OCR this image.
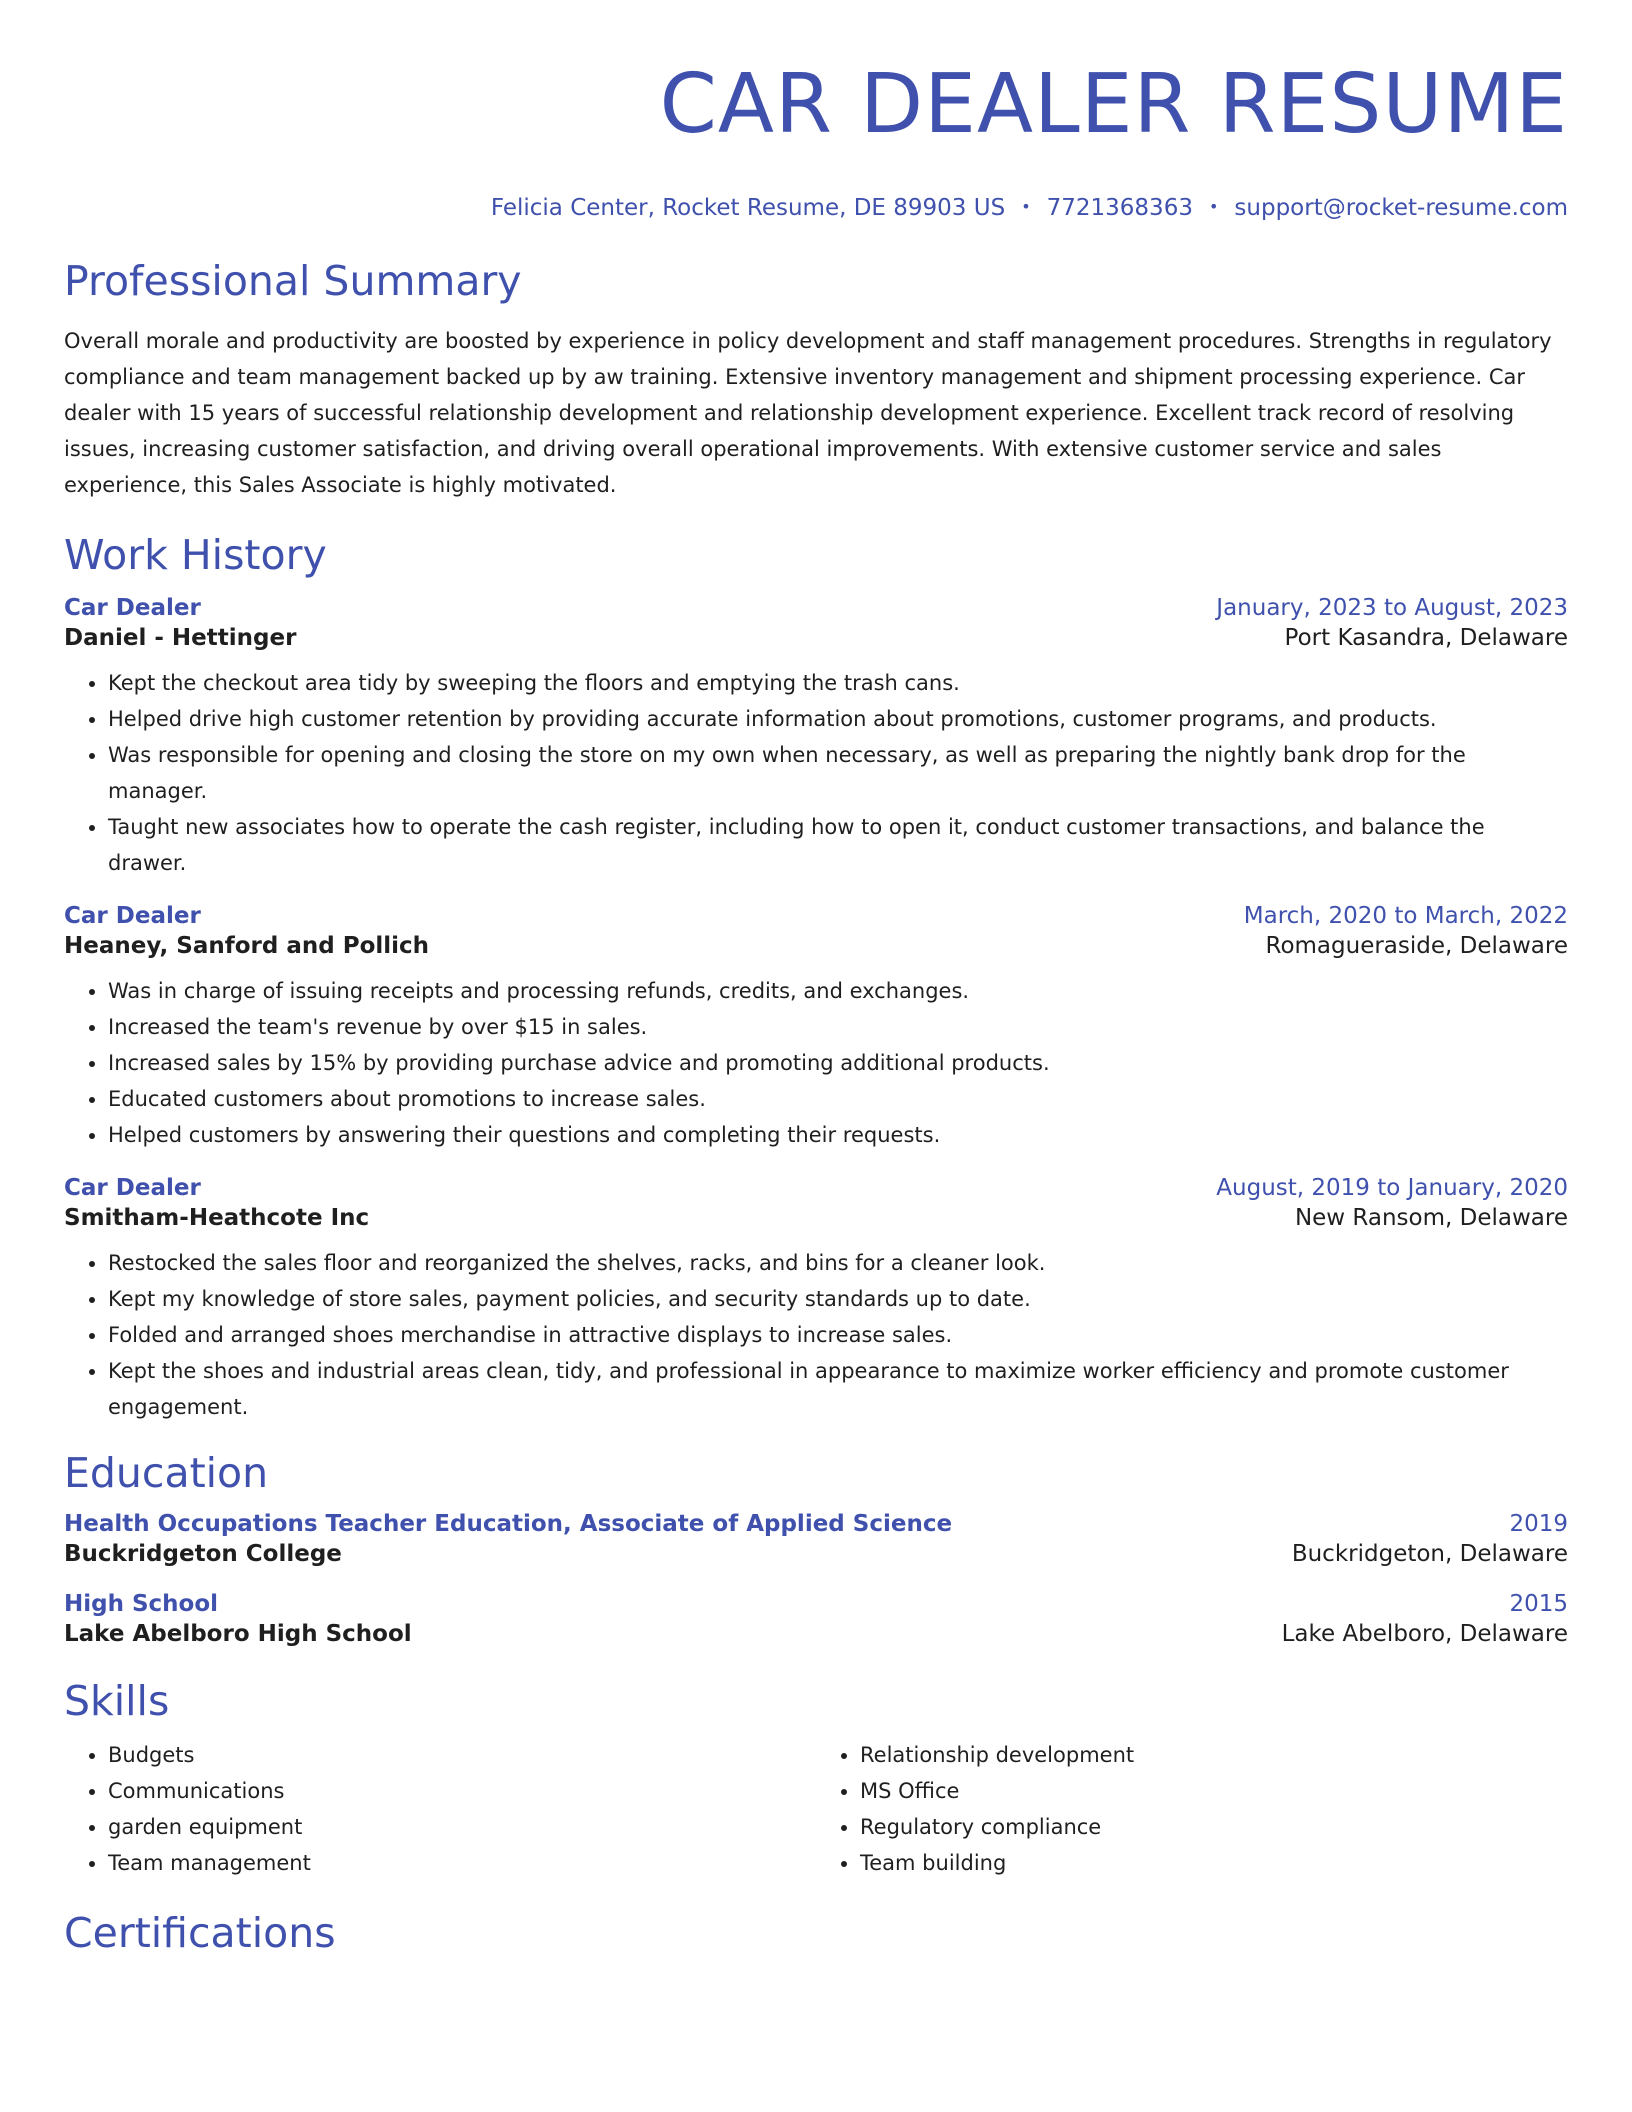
CAR DEALER RESUME
Felicia Center, Rocket Resume, DE 89903 US • 7721368363 • support@rocket-resume.com
Professional Summary

Overall morale and productivity are boosted by experience in policy development and staff management procedures. Strengths in regulatory compliance and team management backed up by aw training. Extensive inventory management and shipment processing experience. Car dealer with 15 years of successful relationship development and relationship development experience. Excellent track record of resolving issues, increasing customer satisfaction, and driving overall operational improvements. With extensive customer service and sales experience, this Sales Associate is highly motivated.

Work History
Car Dealer	January, 2023 to August, 2023
Daniel - Hettinger	Port Kasandra, Delaware
• Kept the checkout area tidy by sweeping the floors and emptying the trash cans.
• Helped drive high customer retention by providing accurate information about promotions, customer programs, and products.
• Was responsible for opening and closing the store on my own when necessary, as well as preparing the nightly bank drop for the manager.
• Taught new associates how to operate the cash register, including how to open it, conduct customer transactions, and balance the drawer.
Car Dealer	March, 2020 to March, 2022
Heaney, Sanford and Pollich	Romagueraside, Delaware
• Was in charge of issuing receipts and processing refunds, credits, and exchanges.
• Increased the team's revenue by over $15 in sales.
• Increased sales by 15% by providing purchase advice and promoting additional products.
• Educated customers about promotions to increase sales.
• Helped customers by answering their questions and completing their requests.
Car Dealer	August, 2019 to January, 2020
Smitham-Heathcote Inc	New Ransom, Delaware
• Restocked the sales floor and reorganized the shelves, racks, and bins for a cleaner look.
• Kept my knowledge of store sales, payment policies, and security standards up to date.
• Folded and arranged shoes merchandise in attractive displays to increase sales.
• Kept the shoes and industrial areas clean, tidy, and professional in appearance to maximize worker efficiency and promote customer engagement.
Education
Health Occupations Teacher Education, Associate of Applied Science	2019
Buckridgeton College	Buckridgeton, Delaware
High School	2015
Lake Abelboro High School	Lake Abelboro, Delaware
Skills
• Budgets
• Communications
• garden equipment
• Team management
• Relationship development
• MS Office
• Regulatory compliance
• Team building
Certifications
